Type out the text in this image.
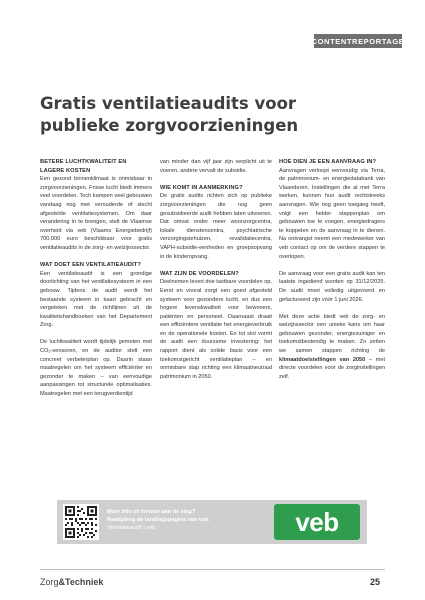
CONTENTREPORTAGE
Gratis ventilatieaudits voor publieke zorgvoorzieningen
BETERE LUCHTKWALITEIT EN LAGERE KOSTEN

Een gezond binnenklimaat is onmisbaar in zorgvoorzieningen. Frisse lucht biedt immers veel voordelen. Toch kampen veel gebouwen vandaag nog met verouderde of slecht afgestelde ventilatiesystemen. Om daar verandering in te brengen, stelt de Vlaamse overheid via veb (Vlaams Energiebedrijf) 700.000 euro beschikbaar voor gratis ventilatieaudits in de zorg- en welzijnssector.

WAT DOET EEN VENTILATIEAUDIT?

Een ventilatieaudit is een grondige doorlichting van het ventilatiesysteem in een gebouw. Tijdens de audit wordt het bestaande systeem in kaart gebracht en vergeleken met de richtlijnen uit de kwaliteitshandboeken van het Departement Zorg.

De luchtkwaliteit wordt tijdelijk gemeten met CO₂-sensoren, en de auditor stelt een concreet verbeterplan op. Daarin staan maatregelen om het systeem efficiënter en gezonder te maken – van eenvoudige aanpassingen tot structurele optimalisaties. Maatregelen met een terugverdientijd

van minder dan vijf jaar zijn verplicht uit te voeren, andere vervalt de subsidie.

WIE KOMT IN AANMERKING?

De gratis audits richten zich op publieke zorgvoorzieningen die nog geen gesubsidieerde audit hebben laten uitvoeren. Dat omvat onder meer woonzorgcentra, lokale dienstencentra, psychiatrische verzorgingstehuizen, revalidatiecentra, VAPH-subsidie-eenheden en groepsopvang in de kinderopvang.

WAT ZIJN DE VOORDELEN?

Deelnemen levert drie tastbare voordelen op. Eerst en vooral zorgt een goed afgesteld systeem voor gezondere lucht, en dus een hogere levenskwaliteit voor bewoners, patiënten en personeel. Daarnaast draait een efficiëntere ventilatie het energieverbruik en de operationele kosten. En tot slot vormt de audit een duurzame investering: het rapport dient als solide basis voor een toekomstgericht ventilatieplan – en onmisbare stap richting een klimaatneutraal patrimonium in 2050.

HOE DIEN JE EEN AANVRAAG IN?

Aanvragen verloopt eenvoudig via Terra, de patrimonium- en energiedatabank van Vlaanderen. Instellingen die al met Terra werken, kunnen hun audit rechtstreeks aanvragen. Wie nog geen toegang heeft, volgt een helder stappenplan om gebouwen toe te voegen, energiedragers te koppelen en de aanvraag in te dienen. Na ontvangst neemt een medewerker van veb contact op om de verdere stappen te overlopen.

De aanvraag voor een gratis audit kan ten laatste ingediend worden op 31/12/2025. De audit moet volledig uitgevoerd en gefactureerd zijn vóór 1 juni 2026.

Met deze actie biedt veb de zorg- en welzijnssector een unieke kans om haar gebouwen gezonder, energiezuiniger en toekomstbestendig te maken. Zo zetten we samen stappen richting de klimaatdoelstellingen van 2050 – met directe voordelen voor de zorginstellingen zelf.

Meer info of meteen aan de slag?
Raadpleeg de landingspagina van veb.
Ventilatieaudit | veb	veb
Zorg&Techniek	25
